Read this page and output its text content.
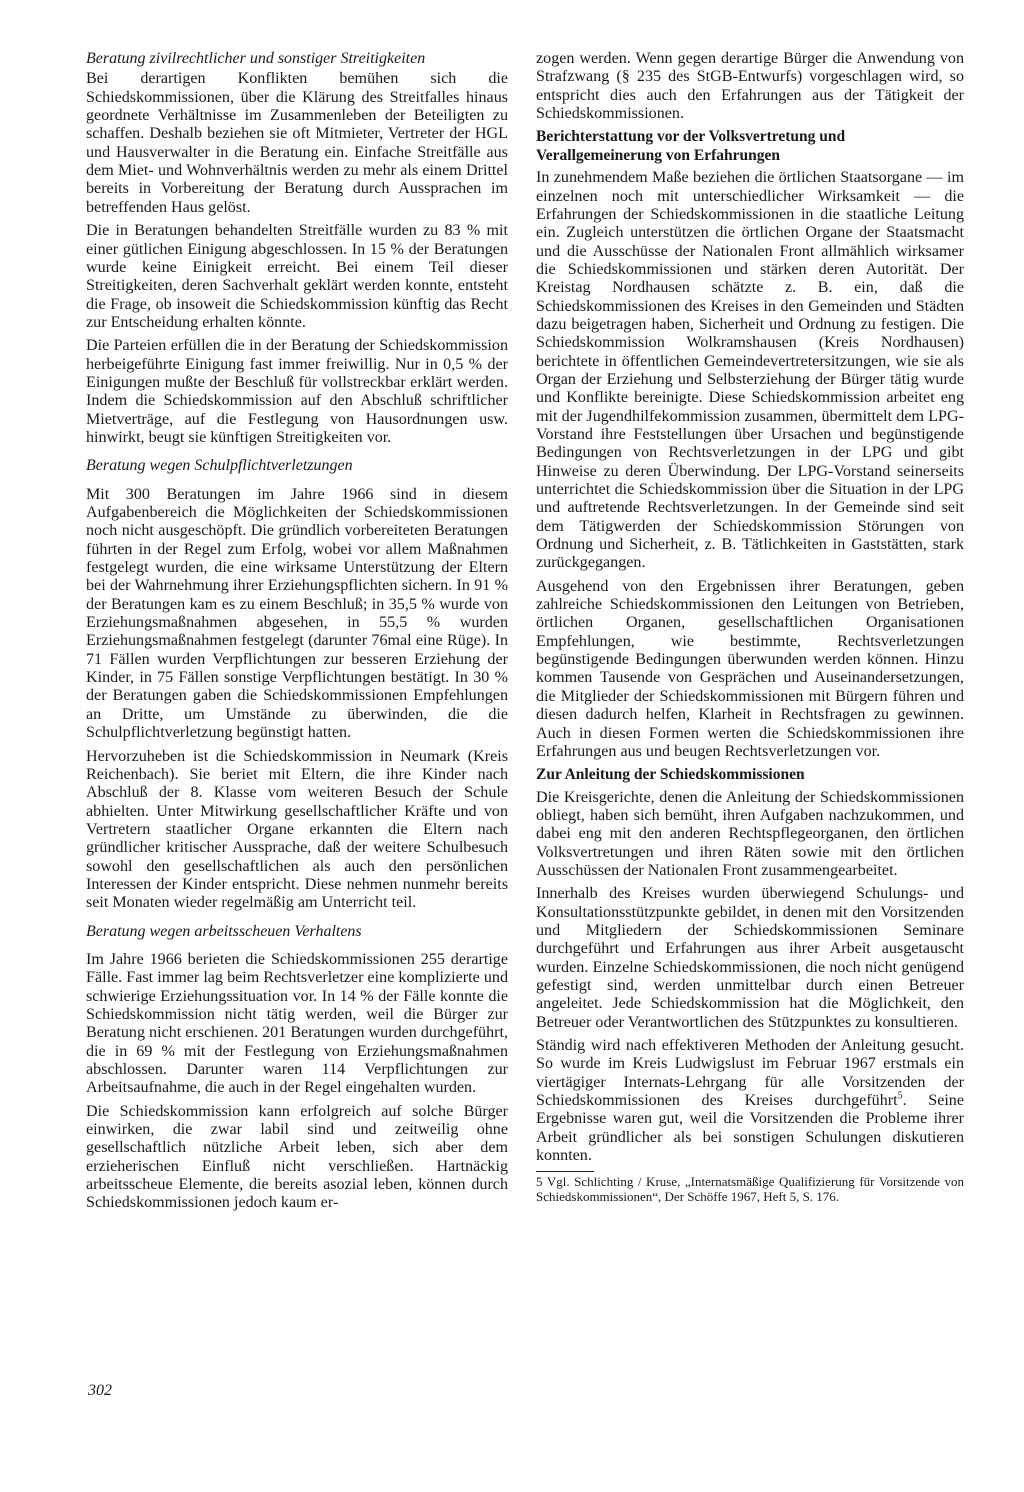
Beratung zivilrechtlicher und sonstiger Streitigkeiten

Bei derartigen Konflikten bemühen sich die Schiedskommissionen, über die Klärung des Streitfalles hinaus geordnete Verhältnisse im Zusammenleben der Beteiligten zu schaffen. Deshalb beziehen sie oft Mitmieter, Vertreter der HGL und Hausverwalter in die Beratung ein. Einfache Streitfälle aus dem Miet- und Wohnverhältnis werden zu mehr als einem Drittel bereits in Vorbereitung der Beratung durch Aussprachen im betreffenden Haus gelöst.

Die in Beratungen behandelten Streitfälle wurden zu 83 % mit einer gütlichen Einigung abgeschlossen. In 15 % der Beratungen wurde keine Einigkeit erreicht. Bei einem Teil dieser Streitigkeiten, deren Sachverhalt geklärt werden konnte, entsteht die Frage, ob insoweit die Schiedskommission künftig das Recht zur Entscheidung erhalten könnte.

Die Parteien erfüllen die in der Beratung der Schiedskommission herbeigeführte Einigung fast immer freiwillig. Nur in 0,5 % der Einigungen mußte der Beschluß für vollstreckbar erklärt werden. Indem die Schiedskommission auf den Abschluß schriftlicher Mietverträge, auf die Festlegung von Hausordnungen usw. hinwirkt, beugt sie künftigen Streitigkeiten vor.

Beratung wegen Schulpflichtverletzungen

Mit 300 Beratungen im Jahre 1966 sind in diesem Aufgabenbereich die Möglichkeiten der Schiedskommissionen noch nicht ausgeschöpft. Die gründlich vorbereiteten Beratungen führten in der Regel zum Erfolg, wobei vor allem Maßnahmen festgelegt wurden, die eine wirksame Unterstützung der Eltern bei der Wahrnehmung ihrer Erziehungspflichten sichern. In 91 % der Beratungen kam es zu einem Beschluß; in 35,5 % wurde von Erziehungsmaßnahmen abgesehen, in 55,5 % wurden Erziehungsmaßnahmen festgelegt (darunter 76mal eine Rüge). In 71 Fällen wurden Verpflichtungen zur besseren Erziehung der Kinder, in 75 Fällen sonstige Verpflichtungen bestätigt. In 30 % der Beratungen gaben die Schiedskommissionen Empfehlungen an Dritte, um Umstände zu überwinden, die die Schulpflichtverletzung begünstigt hatten.

Hervorzuheben ist die Schiedskommission in Neumark (Kreis Reichenbach). Sie beriet mit Eltern, die ihre Kinder nach Abschluß der 8. Klasse vom weiteren Besuch der Schule abhielten. Unter Mitwirkung gesellschaftlicher Kräfte und von Vertretern staatlicher Organe erkannten die Eltern nach gründlicher kritischer Aussprache, daß der weitere Schulbesuch sowohl den gesellschaftlichen als auch den persönlichen Interessen der Kinder entspricht. Diese nehmen nunmehr bereits seit Monaten wieder regelmäßig am Unterricht teil.

Beratung wegen arbeitsscheuen Verhaltens

Im Jahre 1966 berieten die Schiedskommissionen 255 derartige Fälle. Fast immer lag beim Rechtsverletzer eine komplizierte und schwierige Erziehungssituation vor. In 14 % der Fälle konnte die Schiedskommission nicht tätig werden, weil die Bürger zur Beratung nicht erschienen. 201 Beratungen wurden durchgeführt, die in 69 % mit der Festlegung von Erziehungsmaßnahmen abschlossen. Darunter waren 114 Verpflichtungen zur Arbeitsaufnahme, die auch in der Regel eingehalten wurden.

Die Schiedskommission kann erfolgreich auf solche Bürger einwirken, die zwar labil sind und zeitweilig ohne gesellschaftlich nützliche Arbeit leben, sich aber dem erzieherischen Einfluß nicht verschließen. Hartnäckig arbeitsscheue Elemente, die bereits asozial leben, können durch Schiedskommissionen jedoch kaum er-

zogen werden. Wenn gegen derartige Bürger die Anwendung von Strafzwang (§ 235 des StGB-Entwurfs) vorgeschlagen wird, so entspricht dies auch den Erfahrungen aus der Tätigkeit der Schiedskommissionen.

Berichterstattung vor der Volksvertretung und Verallgemeinerung von Erfahrungen

In zunehmendem Maße beziehen die örtlichen Staatsorgane — im einzelnen noch mit unterschiedlicher Wirksamkeit — die Erfahrungen der Schiedskommissionen in die staatliche Leitung ein. Zugleich unterstützen die örtlichen Organe der Staatsmacht und die Ausschüsse der Nationalen Front allmählich wirksamer die Schiedskommissionen und stärken deren Autorität. Der Kreistag Nordhausen schätzte z. B. ein, daß die Schiedskommissionen des Kreises in den Gemeinden und Städten dazu beigetragen haben, Sicherheit und Ordnung zu festigen. Die Schiedskommission Wolkramshausen (Kreis Nordhausen) berichtete in öffentlichen Gemeindevertretersitzungen, wie sie als Organ der Erziehung und Selbsterziehung der Bürger tätig wurde und Konflikte bereinigte. Diese Schiedskommission arbeitet eng mit der Jugendhilfekommission zusammen, übermittelt dem LPG-Vorstand ihre Feststellungen über Ursachen und begünstigende Bedingungen von Rechtsverletzungen in der LPG und gibt Hinweise zu deren Überwindung. Der LPG-Vorstand seinerseits unterrichtet die Schiedskommission über die Situation in der LPG und auftretende Rechtsverletzungen. In der Gemeinde sind seit dem Tätigwerden der Schiedskommission Störungen von Ordnung und Sicherheit, z. B. Tätlichkeiten in Gaststätten, stark zurückgegangen.

Ausgehend von den Ergebnissen ihrer Beratungen, geben zahlreiche Schiedskommissionen den Leitungen von Betrieben, örtlichen Organen, gesellschaftlichen Organisationen Empfehlungen, wie bestimmte, Rechtsverletzungen begünstigende Bedingungen überwunden werden können. Hinzu kommen Tausende von Gesprächen und Auseinandersetzungen, die Mitglieder der Schiedskommissionen mit Bürgern führen und diesen dadurch helfen, Klarheit in Rechtsfragen zu gewinnen. Auch in diesen Formen werten die Schiedskommissionen ihre Erfahrungen aus und beugen Rechtsverletzungen vor.

Zur Anleitung der Schiedskommissionen

Die Kreisgerichte, denen die Anleitung der Schiedskommissionen obliegt, haben sich bemüht, ihren Aufgaben nachzukommen, und dabei eng mit den anderen Rechtspflegeorganen, den örtlichen Volksvertretungen und ihren Räten sowie mit den örtlichen Ausschüssen der Nationalen Front zusammengearbeitet.

Innerhalb des Kreises wurden überwiegend Schulungs- und Konsultationsstützpunkte gebildet, in denen mit den Vorsitzenden und Mitgliedern der Schiedskommissionen Seminare durchgeführt und Erfahrungen aus ihrer Arbeit ausgetauscht wurden. Einzelne Schiedskommissionen, die noch nicht genügend gefestigt sind, werden unmittelbar durch einen Betreuer angeleitet. Jede Schiedskommission hat die Möglichkeit, den Betreuer oder Verantwortlichen des Stützpunktes zu konsultieren.

Ständig wird nach effektiveren Methoden der Anleitung gesucht. So wurde im Kreis Ludwigslust im Februar 1967 erstmals ein viertägiger Internats-Lehrgang für alle Vorsitzenden der Schiedskommissionen des Kreises durchgeführt$^5$. Seine Ergebnisse waren gut, weil die Vorsitzenden die Probleme ihrer Arbeit gründlicher als bei sonstigen Schulungen diskutieren konnten.

5 Vgl. Schlichting / Kruse, „Internatsmäßige Qualifizierung für Vorsitzende von Schiedskommissionen“, Der Schöffe 1967, Heft 5, S. 176.
302
